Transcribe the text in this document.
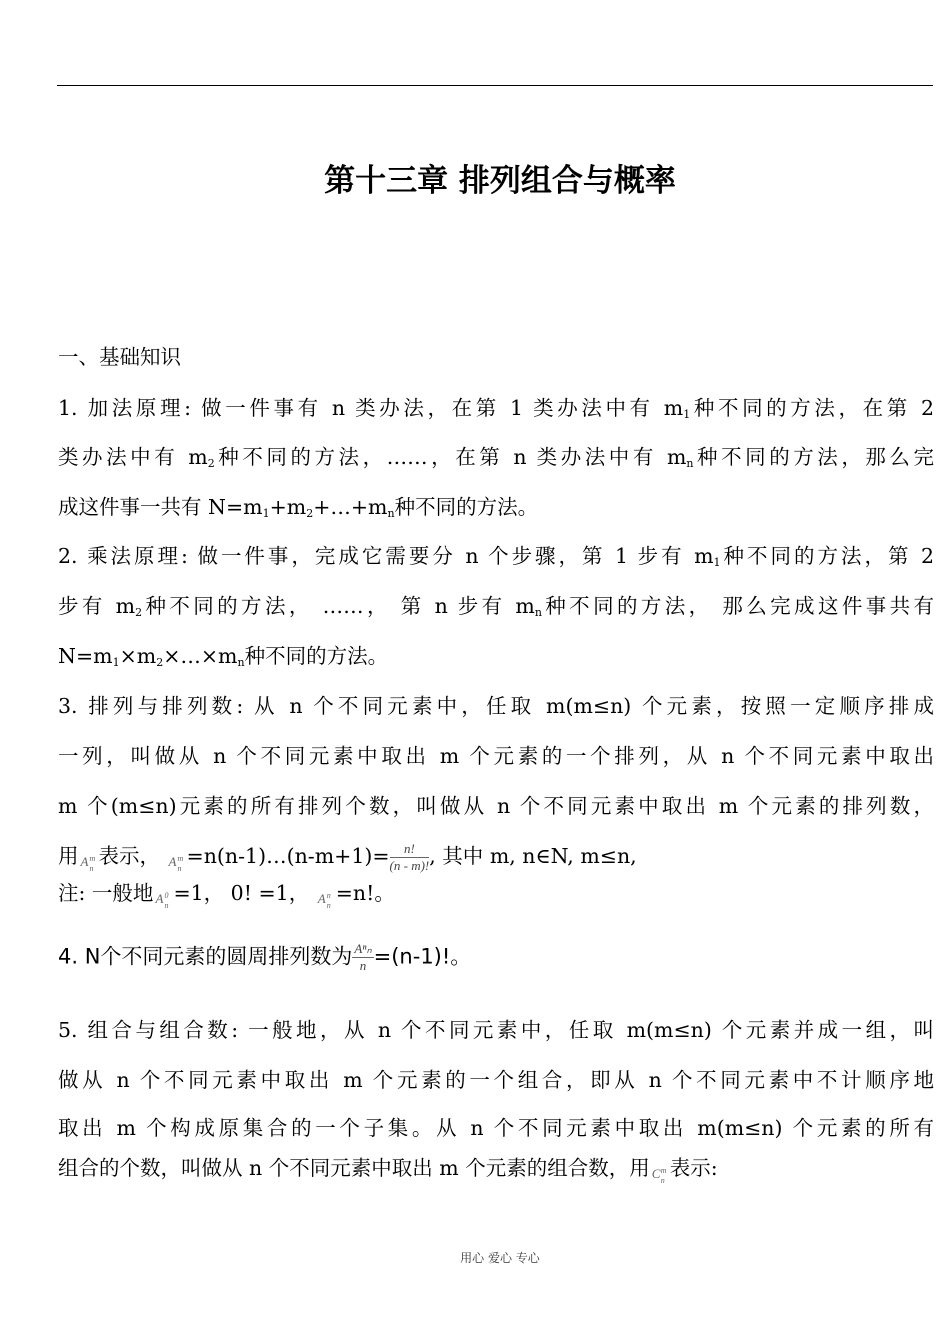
第十三章 排列组合与概率
一、基础知识
1. 加法原理: 做一件事有 n 类办法，在第 1 类办法中有 $m_1$种不同的方法，在第 2
类办法中有 $m_2$种不同的方法，……，在第 n 类办法中有 $m_n$种不同的方法，那么完
成这件事一共有 $N=m_1+m_2+\dots+m_n$种不同的方法。
2. 乘法原理: 做一件事，完成它需要分 n 个步骤，第 1 步有 $m_1$种不同的方法，第 2
步有 $m_2$种不同的方法， ……， 第 n 步有 $m_n$种不同的方法， 那么完成这件事共有
$N=m_1\times m_2\times\dots\times m_n$种不同的方法。
3. 排列与排列数: 从 n 个不同元素中，任取 m(m≤n) 个元素，按照一定顺序排成
一列，叫做从 n 个不同元素中取出 m 个元素的一个排列，从 n 个不同元素中取出
m 个(m≤n)元素的所有排列个数，叫做从 n 个不同元素中取出 m 个元素的排列数，
用 A m
n
表示， A m
n
=n(n-1)…(n-m+1)= $\frac{n!}{(n - m)!}$ , 其中 m, n∈N, m≤n,
注: 一般地 A 0
n
=1， 0! =1， A n
n
=n!。
4. N个不同元素的圆周排列数为 $\frac{\text{Aⁿₙ}}{n} =(n-1)$!。
5. 组合与组合数: 一般地，从 n 个不同元素中，任取 m(m≤n) 个元素并成一组，叫
做从 n 个不同元素中取出 m 个元素的一个组合，即从 n 个不同元素中不计顺序地
取出 m 个构成原集合的一个子集。从 n 个不同元素中取出 m(m≤n) 个元素的所有
组合的个数，叫做从 n 个不同元素中取出 m 个元素的组合数，用 C m
n
表示:
用心 爱心 专心
